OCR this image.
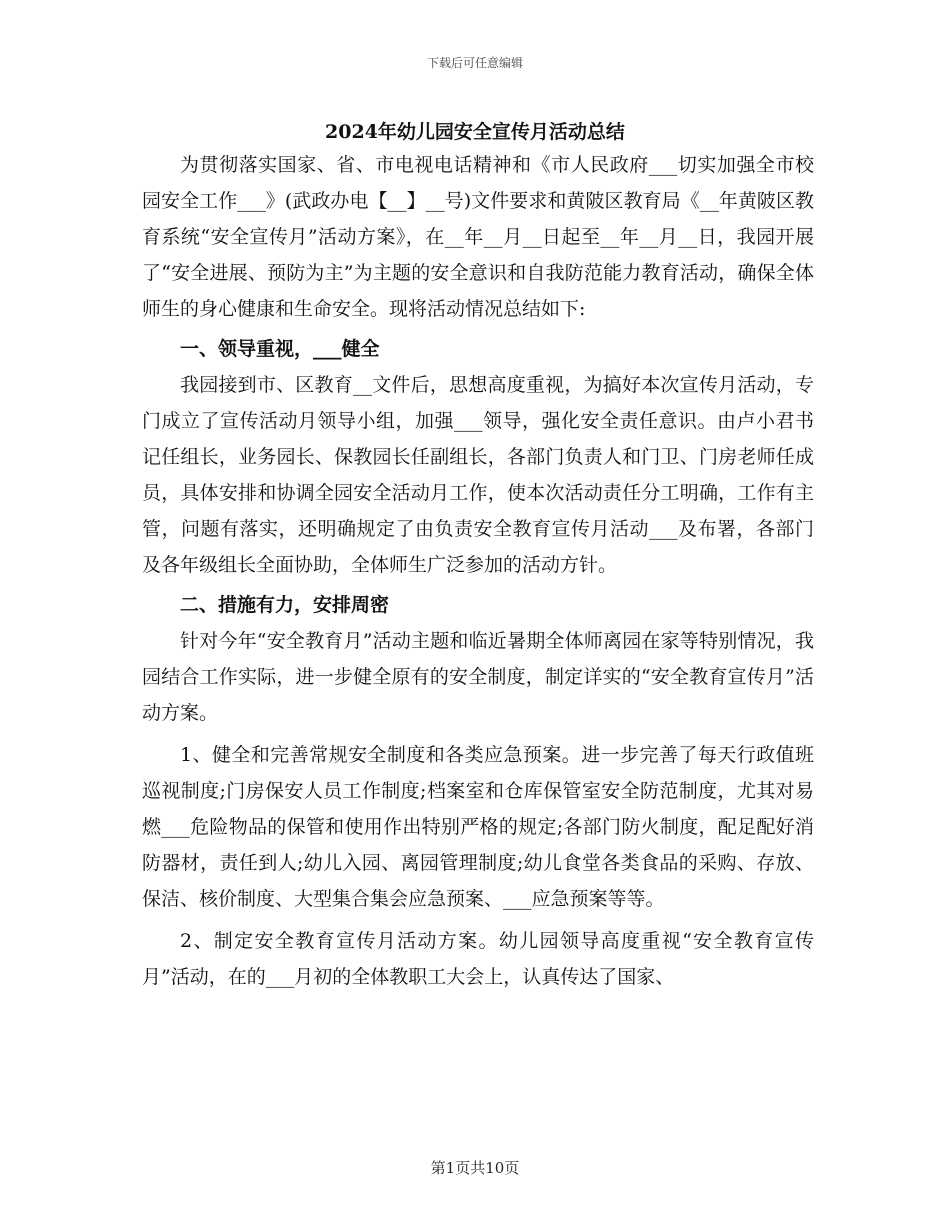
下载后可任意编辑
2024年幼儿园安全宣传月活动总结

为贯彻落实国家、省、市电视电话精神和《市人民政府___切实加强全市校园安全工作___》(武政办电【__】__号)文件要求和黄陂区教育局《__年黄陂区教育系统“安全宣传月”活动方案》，在__年__月__日起至__年__月__日，我园开展了“安全进展、预防为主”为主题的安全意识和自我防范能力教育活动，确保全体师生的身心健康和生命安全。现将活动情况总结如下:

一、领导重视，___健全

我园接到市、区教育__文件后，思想高度重视，为搞好本次宣传月活动，专门成立了宣传活动月领导小组，加强___领导，强化安全责任意识。由卢小君书记任组长，业务园长、保教园长任副组长，各部门负责人和门卫、门房老师任成员，具体安排和协调全园安全活动月工作，使本次活动责任分工明确，工作有主管，问题有落实，还明确规定了由负责安全教育宣传月活动___及布署，各部门及各年级组长全面协助，全体师生广泛参加的活动方针。

二、措施有力，安排周密

针对今年“安全教育月”活动主题和临近暑期全体师离园在家等特别情况，我园结合工作实际，进一步健全原有的安全制度，制定详实的“安全教育宣传月”活动方案。

1、健全和完善常规安全制度和各类应急预案。进一步完善了每天行政值班巡视制度;门房保安人员工作制度;档案室和仓库保管室安全防范制度，尤其对易燃___危险物品的保管和使用作出特别严格的规定;各部门防火制度，配足配好消防器材，责任到人;幼儿入园、离园管理制度;幼儿食堂各类食品的采购、存放、保洁、核价制度、大型集合集会应急预案、___应急预案等等。

2、制定安全教育宣传月活动方案。幼儿园领导高度重视“安全教育宣传月”活动，在的___月初的全体教职工大会上，认真传达了国家、

第1页共10页
